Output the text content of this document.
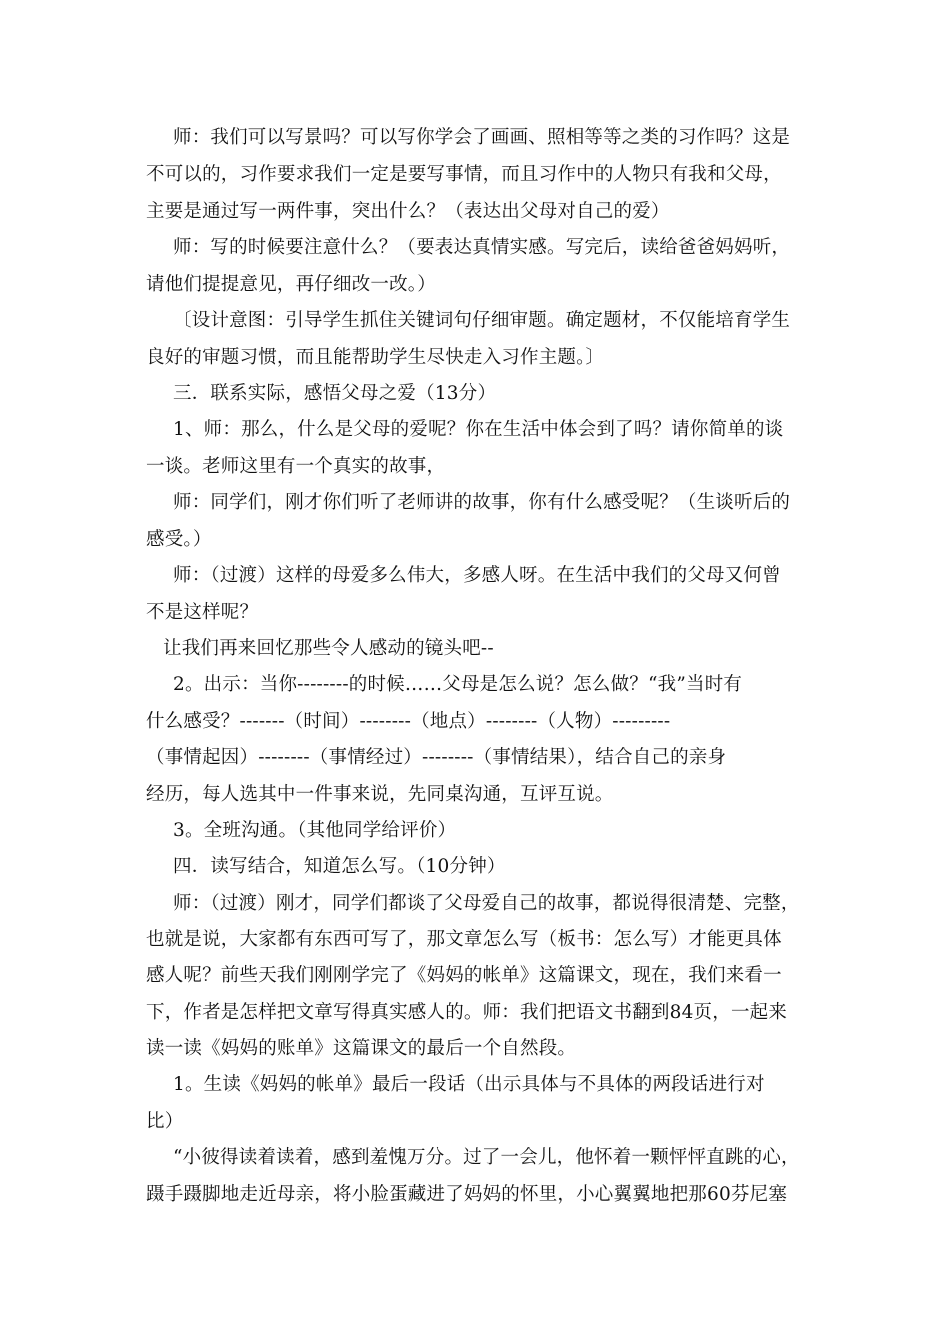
师：我们可以写景吗？可以写你学会了画画、照相等等之类的习作吗？这是
不可以的，习作要求我们一定是要写事情，而且习作中的人物只有我和父母，
主要是通过写一两件事，突出什么？（表达出父母对自己的爱）
师：写的时候要注意什么？（要表达真情实感。写完后，读给爸爸妈妈听，
请他们提提意见，再仔细改一改。）
〔设计意图：引导学生抓住关键词句仔细审题。确定题材，不仅能培育学生
良好的审题习惯，而且能帮助学生尽快走入习作主题。〕
三．联系实际，感悟父母之爱（13分）
1、师：那么，什么是父母的爱呢？你在生活中体会到了吗？请你简单的谈
一谈。老师这里有一个真实的故事，
师：同学们，刚才你们听了老师讲的故事，你有什么感受呢？（生谈听后的
感受。）
师：（过渡）这样的母爱多么伟大，多感人呀。在生活中我们的父母又何曾
不是这样呢？
让我们再来回忆那些令人感动的镜头吧--
2。出示：当你--------的时候……父母是怎么说？怎么做？“我”当时有
什么感受？-------（时间）--------（地点）--------（人物）---------
（事情起因）--------（事情经过）--------（事情结果），结合自己的亲身
经历，每人选其中一件事来说，先同桌沟通，互评互说。
3。全班沟通。（其他同学给评价）
四．读写结合，知道怎么写。（10分钟）
师：（过渡）刚才，同学们都谈了父母爱自己的故事，都说得很清楚、完整，
也就是说，大家都有东西可写了，那文章怎么写（板书：怎么写）才能更具体
感人呢？前些天我们刚刚学完了《妈妈的帐单》这篇课文，现在，我们来看一
下，作者是怎样把文章写得真实感人的。师：我们把语文书翻到84页，一起来
读一读《妈妈的账单》这篇课文的最后一个自然段。
1。生读《妈妈的帐单》最后一段话（出示具体与不具体的两段话进行对
比）
“小彼得读着读着，感到羞愧万分。过了一会儿，他怀着一颗怦怦直跳的心，
蹑手蹑脚地走近母亲，将小脸蛋藏进了妈妈的怀里，小心翼翼地把那60芬尼塞
